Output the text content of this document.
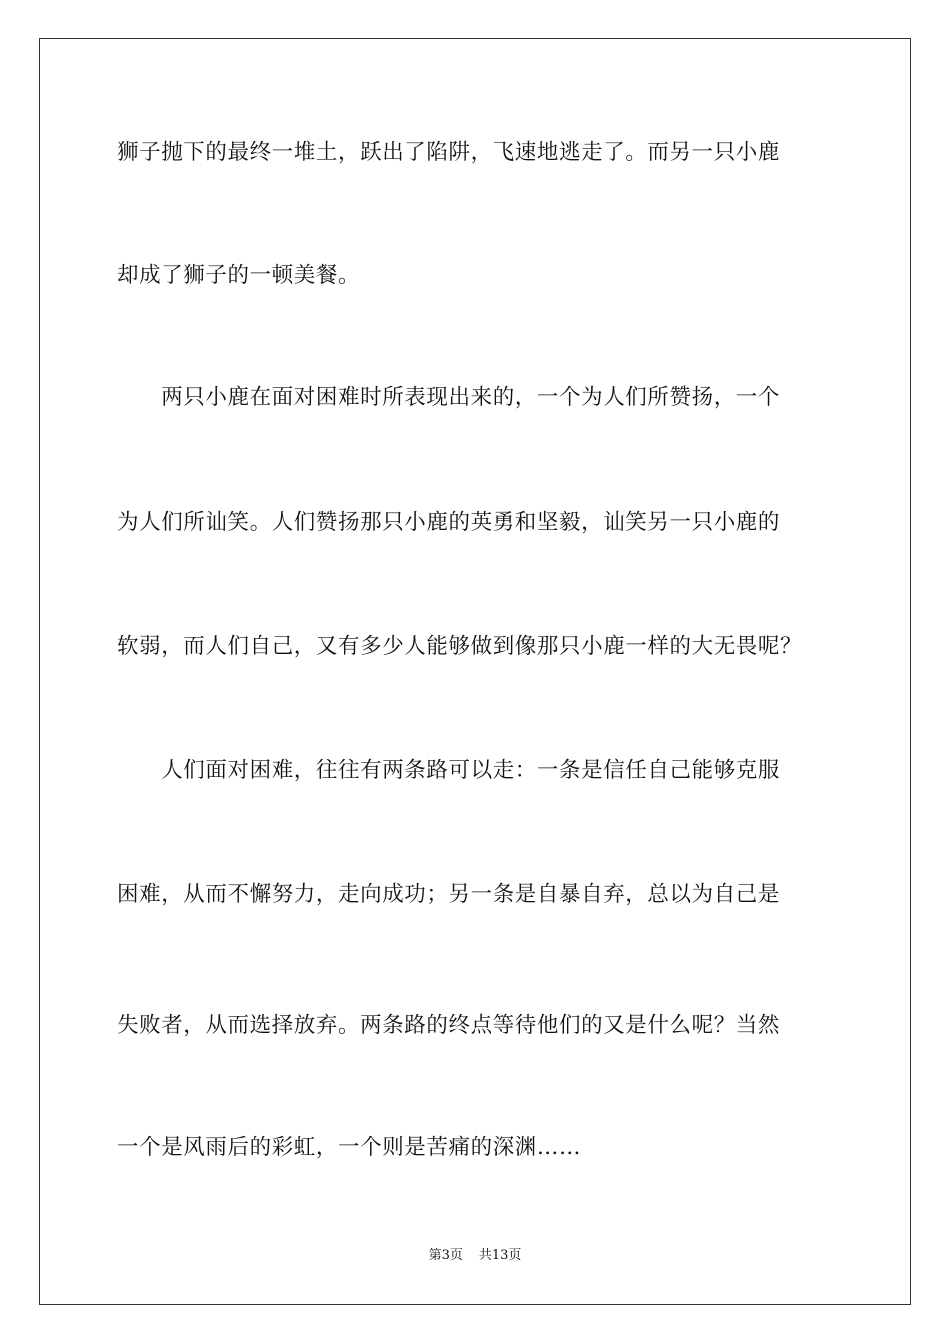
狮子抛下的最终一堆土，跃出了陷阱，飞速地逃走了。而另一只小鹿
却成了狮子的一顿美餐。
　　两只小鹿在面对困难时所表现出来的，一个为人们所赞扬，一个
为人们所讪笑。人们赞扬那只小鹿的英勇和坚毅，讪笑另一只小鹿的
软弱，而人们自己，又有多少人能够做到像那只小鹿一样的大无畏呢？
　　人们面对困难，往往有两条路可以走：一条是信任自己能够克服
困难，从而不懈努力，走向成功；另一条是自暴自弃，总以为自己是
失败者，从而选择放弃。两条路的终点等待他们的又是什么呢？当然
一个是风雨后的彩虹，一个则是苦痛的深渊……
第3页 共13页
